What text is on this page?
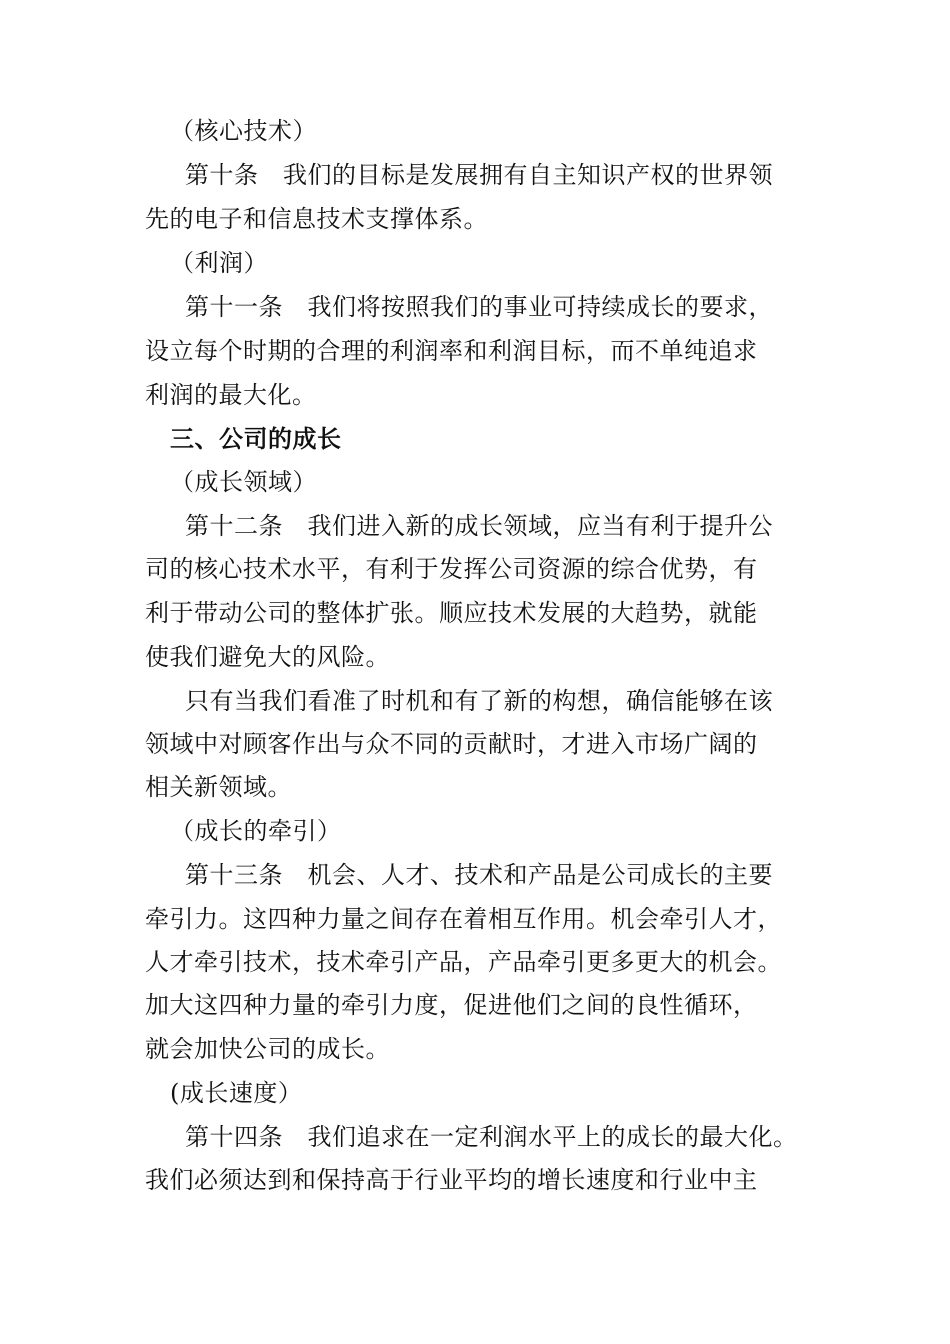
（核心技术）
第十条　我们的目标是发展拥有自主知识产权的世界领
先的电子和信息技术支撑体系。
（利润）
第十一条　我们将按照我们的事业可持续成长的要求，
设立每个时期的合理的利润率和利润目标，而不单纯追求
利润的最大化。
三、公司的成长
（成长领域）
第十二条　我们进入新的成长领域，应当有利于提升公
司的核心技术水平，有利于发挥公司资源的综合优势，有
利于带动公司的整体扩张。顺应技术发展的大趋势，就能
使我们避免大的风险。
只有当我们看准了时机和有了新的构想，确信能够在该
领域中对顾客作出与众不同的贡献时，才进入市场广阔的
相关新领域。
（成长的牵引）
第十三条　机会、人才、技术和产品是公司成长的主要
牵引力。这四种力量之间存在着相互作用。机会牵引人才，
人才牵引技术，技术牵引产品，产品牵引更多更大的机会。
加大这四种力量的牵引力度，促进他们之间的良性循环，
就会加快公司的成长。
(成长速度）
第十四条　我们追求在一定利润水平上的成长的最大化。
我们必须达到和保持高于行业平均的增长速度和行业中主
